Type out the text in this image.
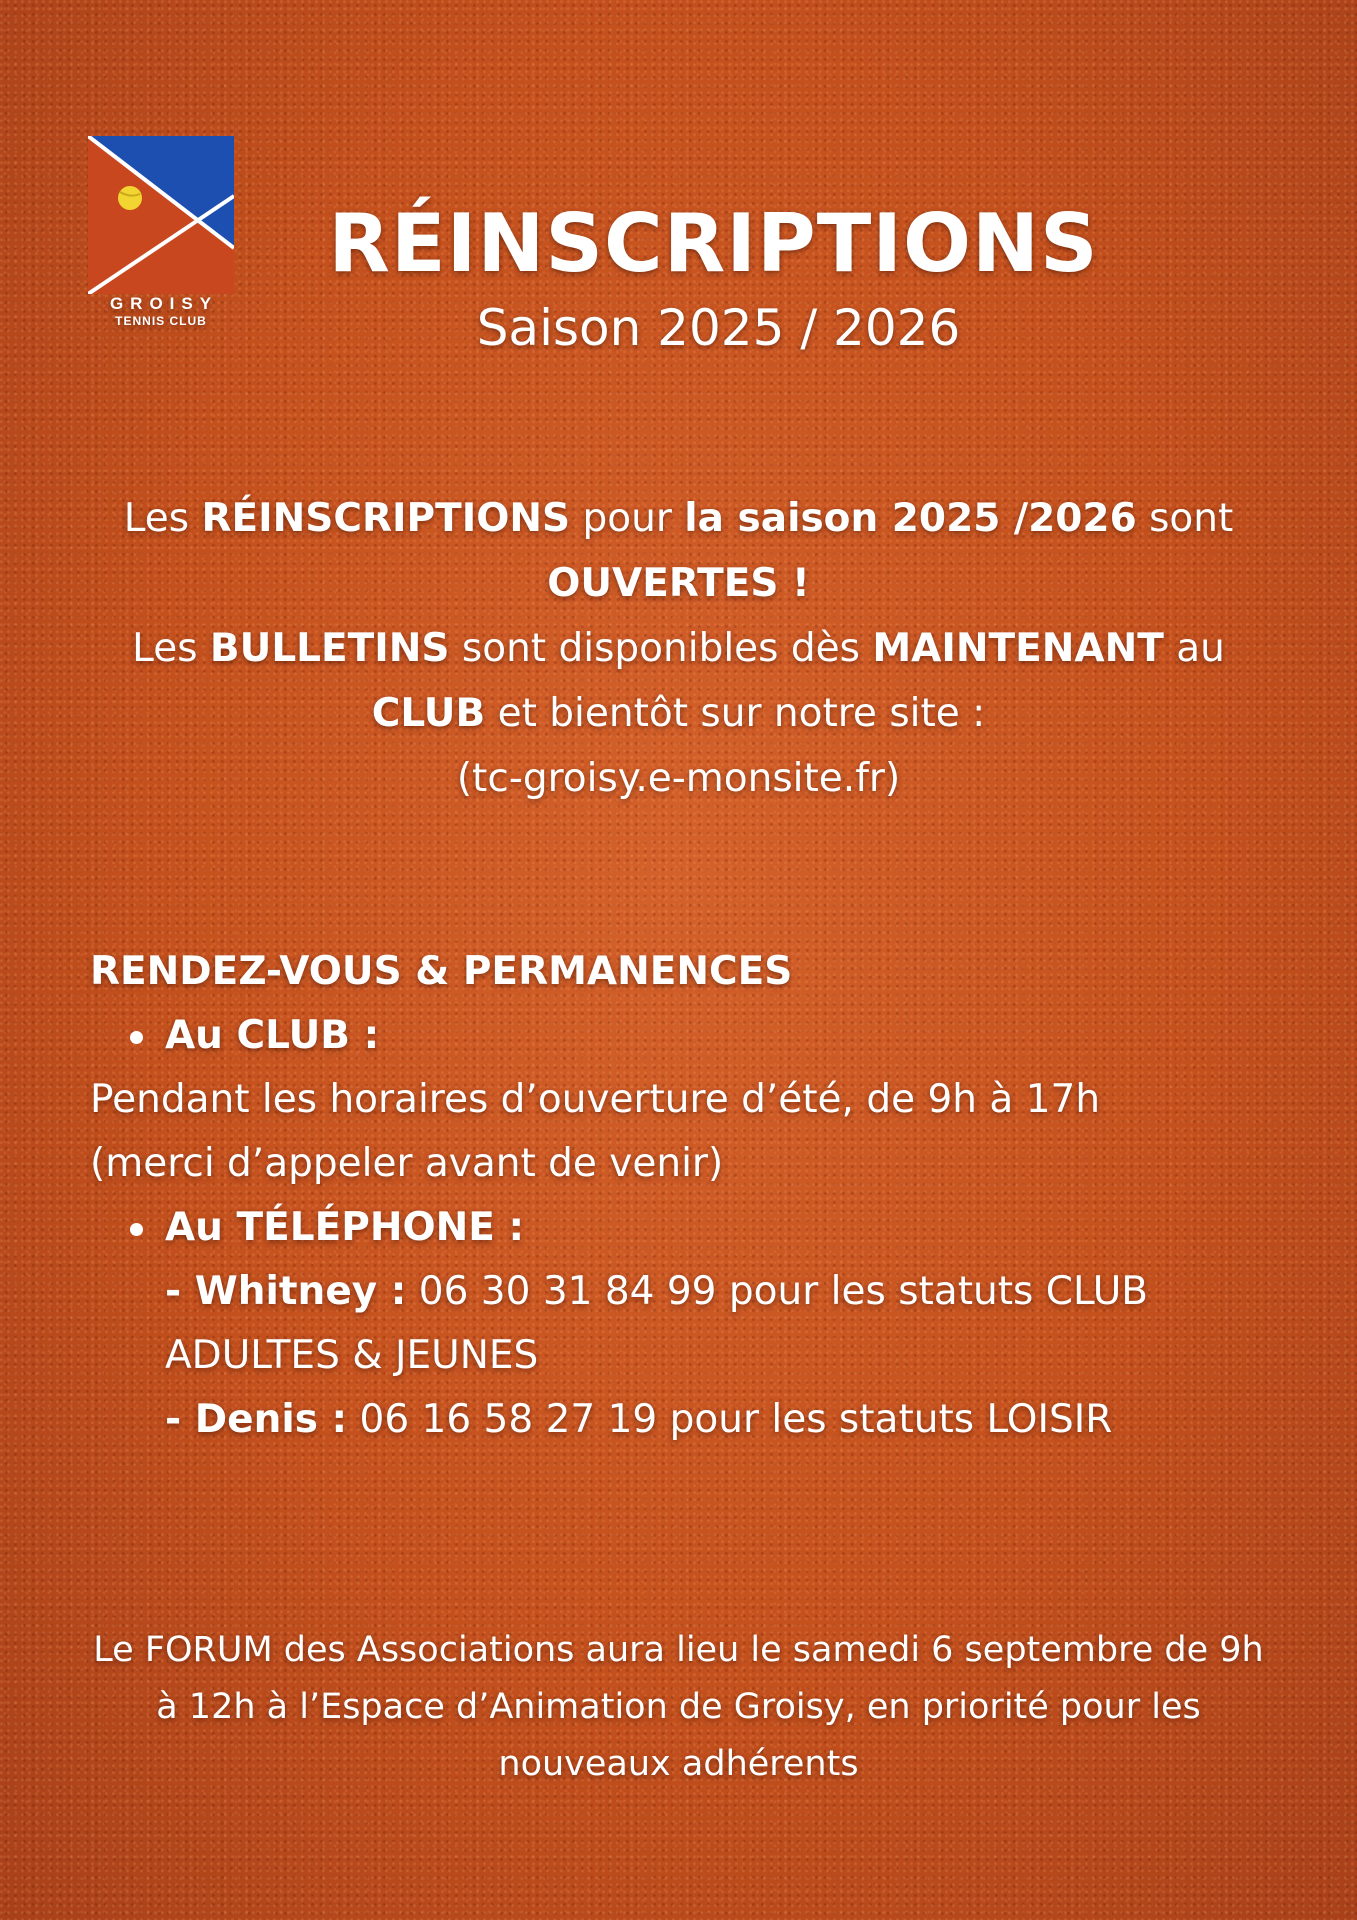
GROISY
TENNIS CLUB
RÉINSCRIPTIONS
Saison 2025 / 2026
Les RÉINSCRIPTIONS pour la saison 2025 /2026 sont
OUVERTES !
Les BULLETINS sont disponibles dès MAINTENANT au
CLUB et bientôt sur notre site :
(tc-groisy.e-monsite.fr)
RENDEZ-VOUS & PERMANENCES
Au CLUB :
Pendant les horaires d’ouverture d’été, de 9h à 17h
(merci d’appeler avant de venir)
Au TÉLÉPHONE :
- Whitney : 06 30 31 84 99 pour les statuts CLUB
ADULTES & JEUNES
- Denis : 06 16 58 27 19 pour les statuts LOISIR
Le FORUM des Associations aura lieu le samedi 6 septembre de 9h
à 12h à l’Espace d’Animation de Groisy, en priorité pour les
nouveaux adhérents
